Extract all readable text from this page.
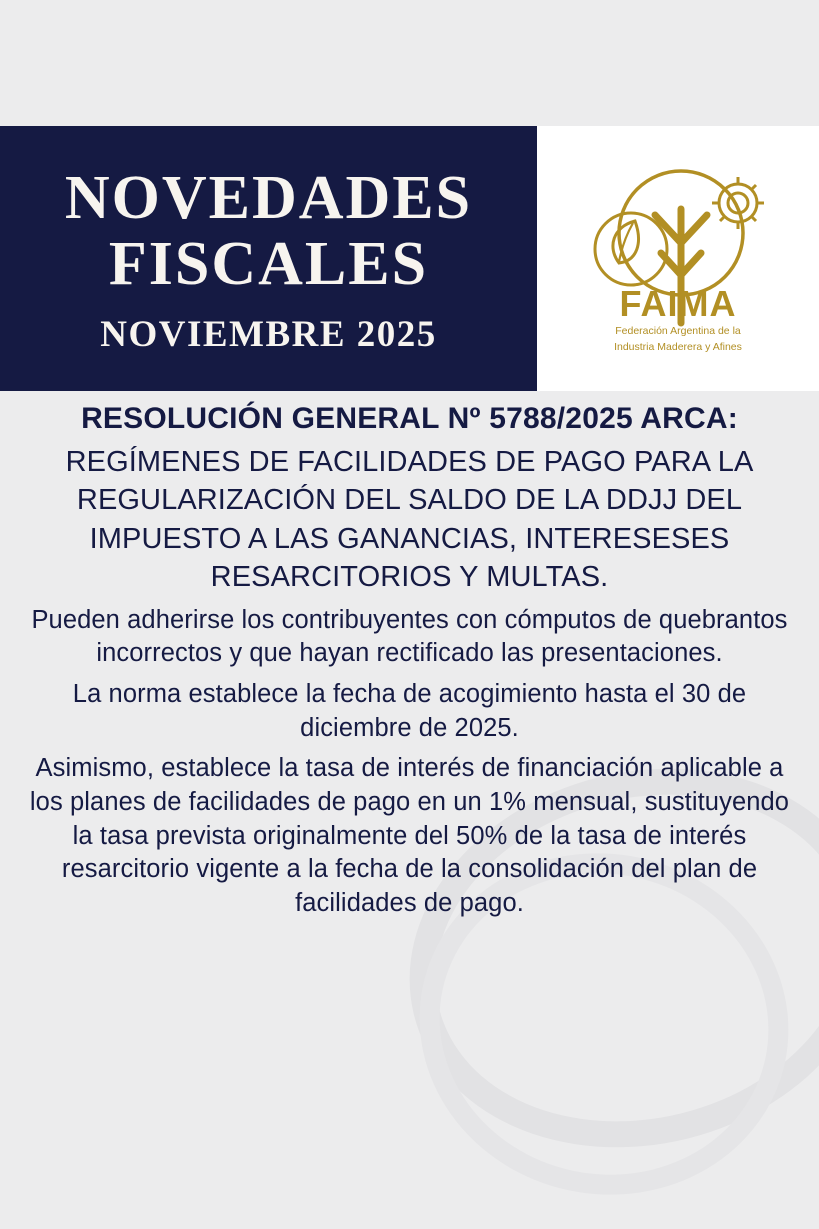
NOVEDADES
FISCALES
NOVIEMBRE 2025
FAIMA
Federación Argentina de la
Industria Maderera y Afines
RESOLUCIÓN GENERAL Nº 5788/2025 ARCA:
REGÍMENES DE FACILIDADES DE PAGO PARA LA REGULARIZACIÓN DEL SALDO DE LA DDJJ DEL IMPUESTO A LAS GANANCIAS, INTERESESES RESARCITORIOS Y MULTAS.
Pueden adherirse los contribuyentes con cómputos de quebrantos incorrectos y que hayan rectificado las presentaciones.
La norma establece la fecha de acogimiento hasta el 30 de diciembre de 2025.
Asimismo, establece la tasa de interés de financiación aplicable a los planes de facilidades de pago en un 1% mensual, sustituyendo la tasa prevista originalmente del 50% de la tasa de interés resarcitorio vigente a la fecha de la consolidación del plan de facilidades de pago.
